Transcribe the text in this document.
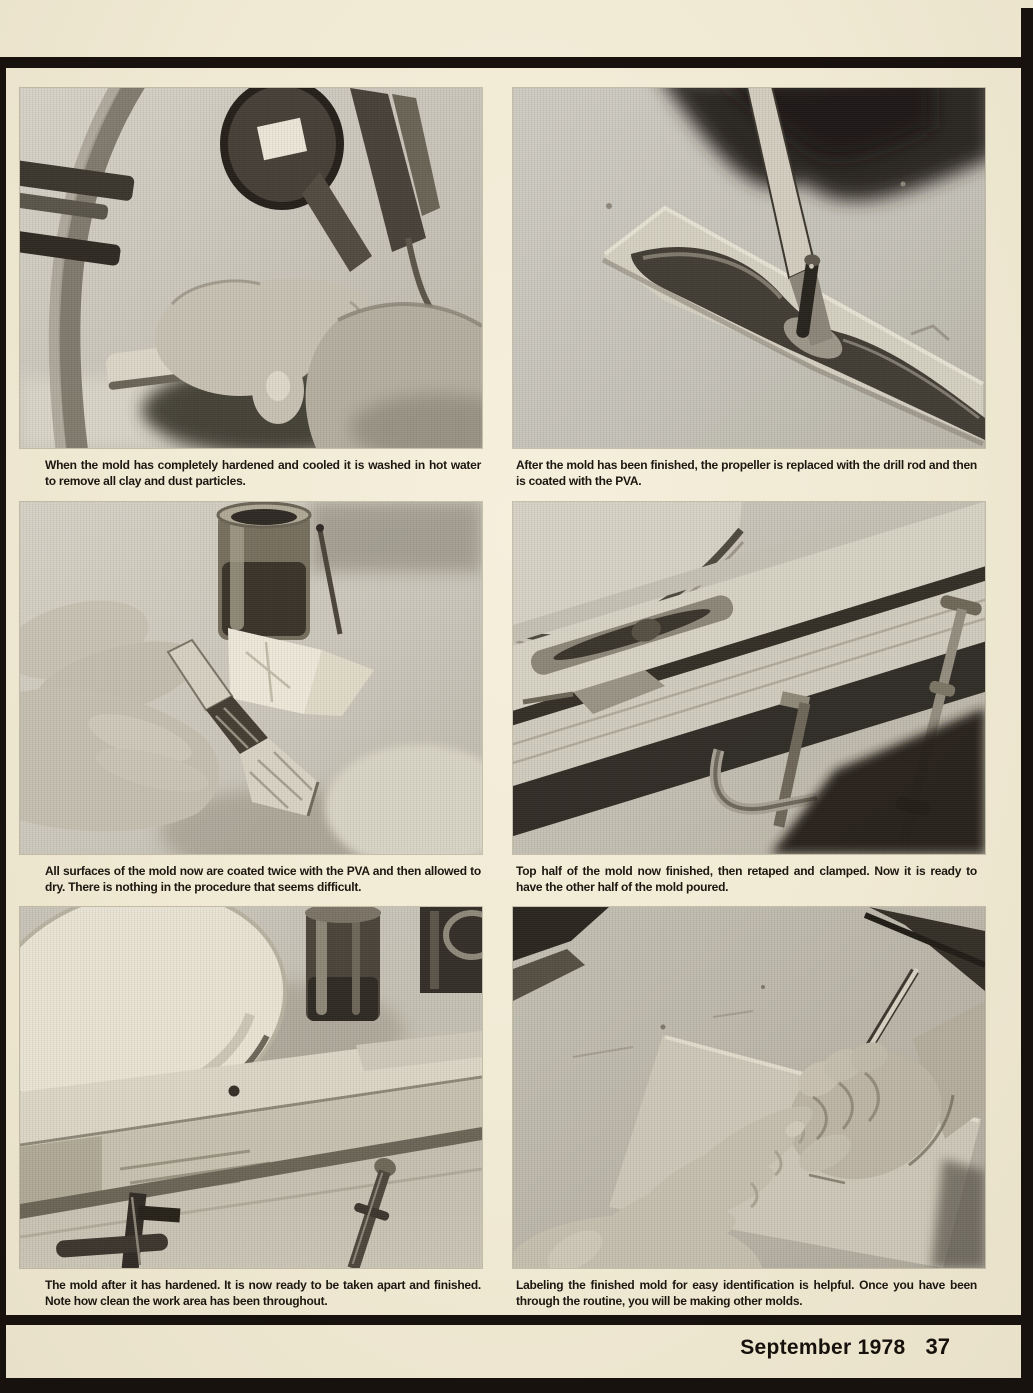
When the mold has completely hardened and cooled it is washed in hot water to remove all clay and dust particles.
After the mold has been finished, the propeller is replaced with the drill rod and then is coated with the PVA.
All surfaces of the mold now are coated twice with the PVA and then allowed to dry. There is nothing in the procedure that seems difficult.
Top half of the mold now finished, then retaped and clamped. Now it is ready to have the other half of the mold poured.
The mold after it has hardened. It is now ready to be taken apart and finished. Note how clean the work area has been throughout.
Labeling the finished mold for easy identification is helpful. Once you have been through the routine, you will be making other molds.
September 1978 37
